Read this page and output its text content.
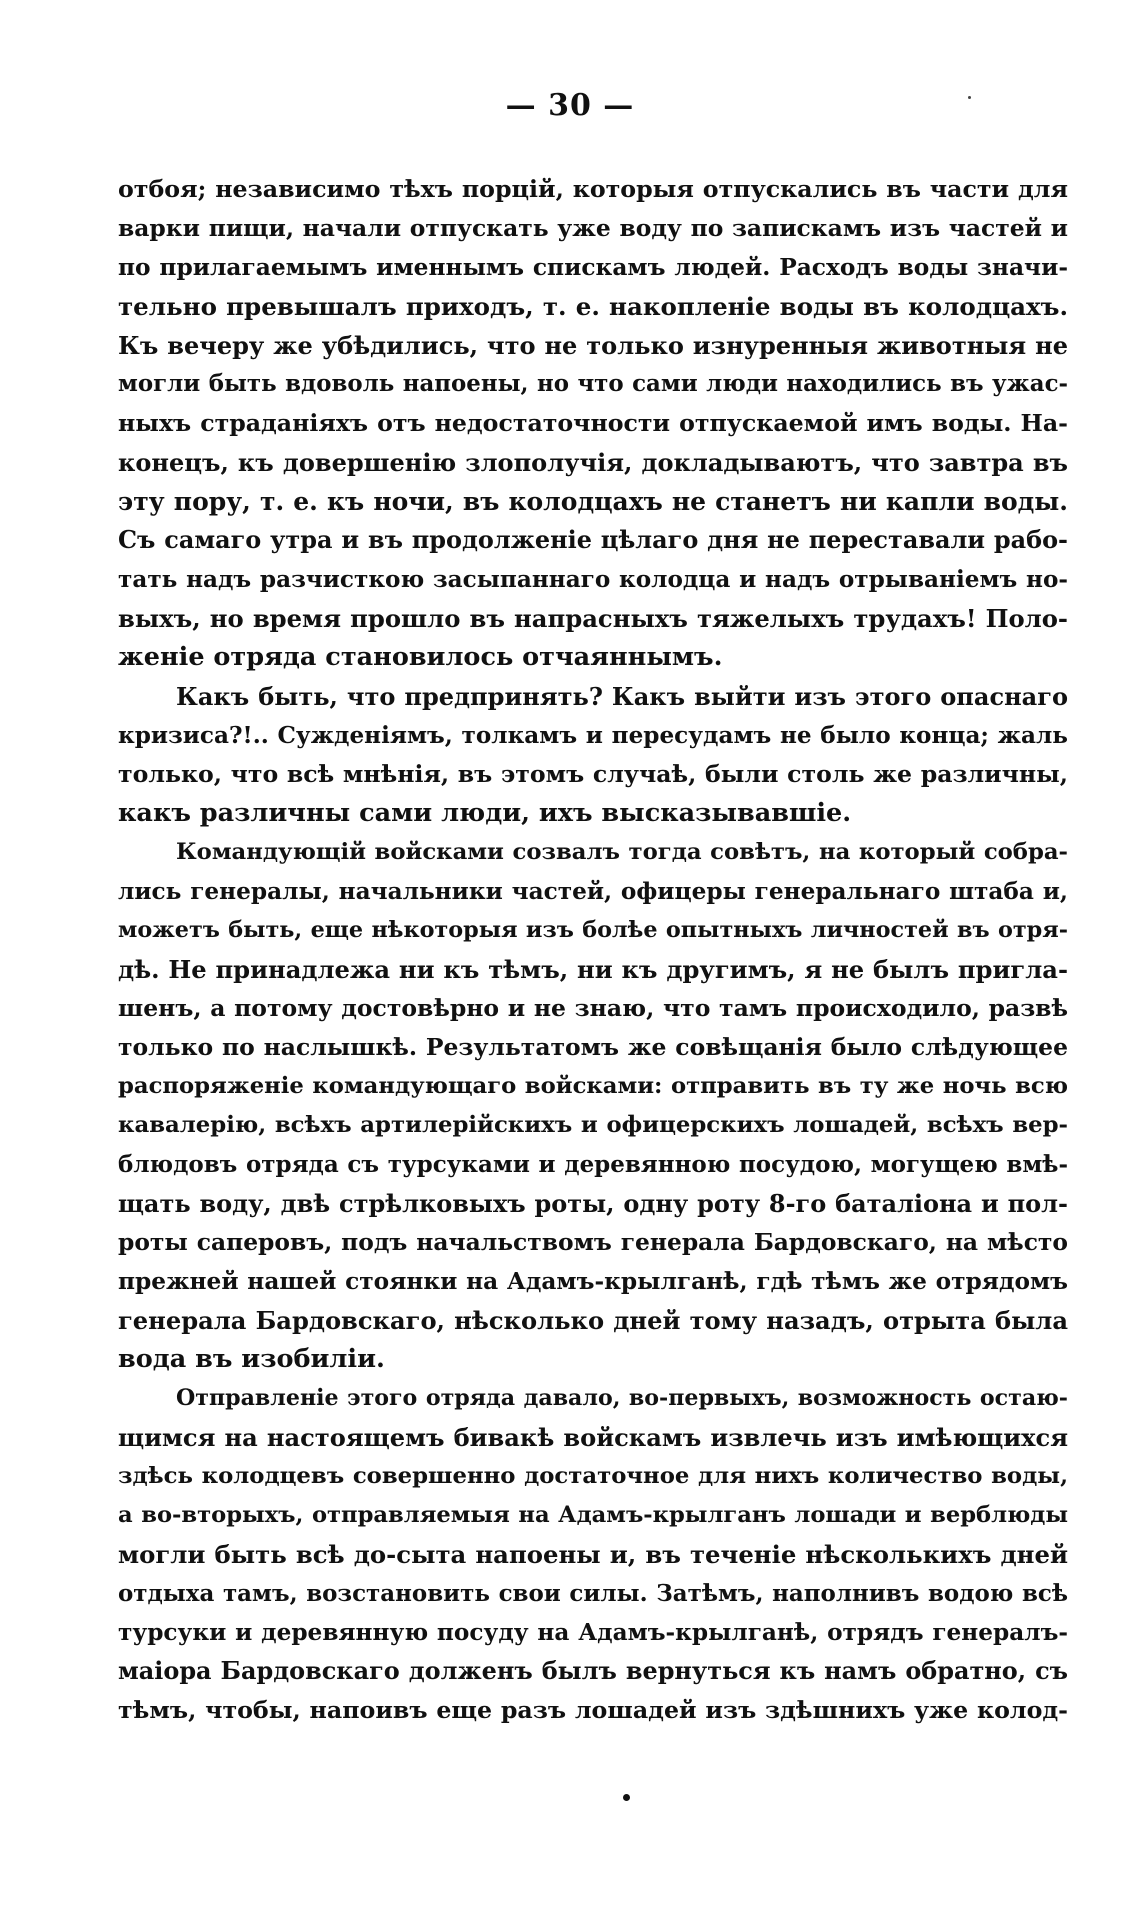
— 30 —
отбоя; независимо тѣхъ порцій, которыя отпускались въ части для
варки пищи, начали отпускать уже воду по запискамъ изъ частей и
по прилагаемымъ именнымъ спискамъ людей. Расходъ воды значи-
тельно превышалъ приходъ, т. е. накопленіе воды въ колодцахъ.
Къ вечеру же убѣдились, что не только изнуренныя животныя не
могли быть вдоволь напоены, но что сами люди находились въ ужас-
ныхъ страданіяхъ отъ недостаточности отпускаемой имъ воды. На-
конецъ, къ довершенію злополучія, докладываютъ, что завтра въ
эту пору, т. е. къ ночи, въ колодцахъ не станетъ ни капли воды.
Съ самаго утра и въ продолженіе цѣлаго дня не переставали рабо-
тать надъ разчисткою засыпаннаго колодца и надъ отрываніемъ но-
выхъ, но время прошло въ напрасныхъ тяжелыхъ трудахъ! Поло-
женіе отряда становилось отчаяннымъ.
Какъ быть, что предпринять? Какъ выйти изъ этого опаснаго
кризиса?!.. Сужденіямъ, толкамъ и пересудамъ не было конца; жаль
только, что всѣ мнѣнія, въ этомъ случаѣ, были столь же различны,
какъ различны сами люди, ихъ высказывавшіе.
Командующій войсками созвалъ тогда совѣтъ, на который собра-
лись генералы, начальники частей, офицеры генеральнаго штаба и,
можетъ быть, еще нѣкоторыя изъ болѣе опытныхъ личностей въ отря-
дѣ. Не принадлежа ни къ тѣмъ, ни къ другимъ, я не былъ пригла-
шенъ, а потому достовѣрно и не знаю, что тамъ происходило, развѣ
только по наслышкѣ. Результатомъ же совѣщанія было слѣдующее
распоряженіе командующаго войсками: отправить въ ту же ночь всю
кавалерію, всѣхъ артилерійскихъ и офицерскихъ лошадей, всѣхъ вер-
блюдовъ отряда съ турсуками и деревянною посудою, могущею вмѣ-
щать воду, двѣ стрѣлковыхъ роты, одну роту 8-го баталіона и пол-
роты саперовъ, подъ начальствомъ генерала Бардовскаго, на мѣсто
прежней нашей стоянки на Адамъ-крылганѣ, гдѣ тѣмъ же отрядомъ
генерала Бардовскаго, нѣсколько дней тому назадъ, отрыта была
вода въ изобиліи.
Отправленіе этого отряда давало, во-первыхъ, возможность остаю-
щимся на настоящемъ бивакѣ войскамъ извлечь изъ имѣющихся
здѣсь колодцевъ совершенно достаточное для нихъ количество воды,
а во-вторыхъ, отправляемыя на Адамъ-крылганъ лошади и верблюды
могли быть всѣ до-сыта напоены и, въ теченіе нѣсколькихъ дней
отдыха тамъ, возстановить свои силы. Затѣмъ, наполнивъ водою всѣ
турсуки и деревянную посуду на Адамъ-крылганѣ, отрядъ генералъ-
маіора Бардовскаго долженъ былъ вернуться къ намъ обратно, съ
тѣмъ, чтобы, напоивъ еще разъ лошадей изъ здѣшнихъ уже колод-
